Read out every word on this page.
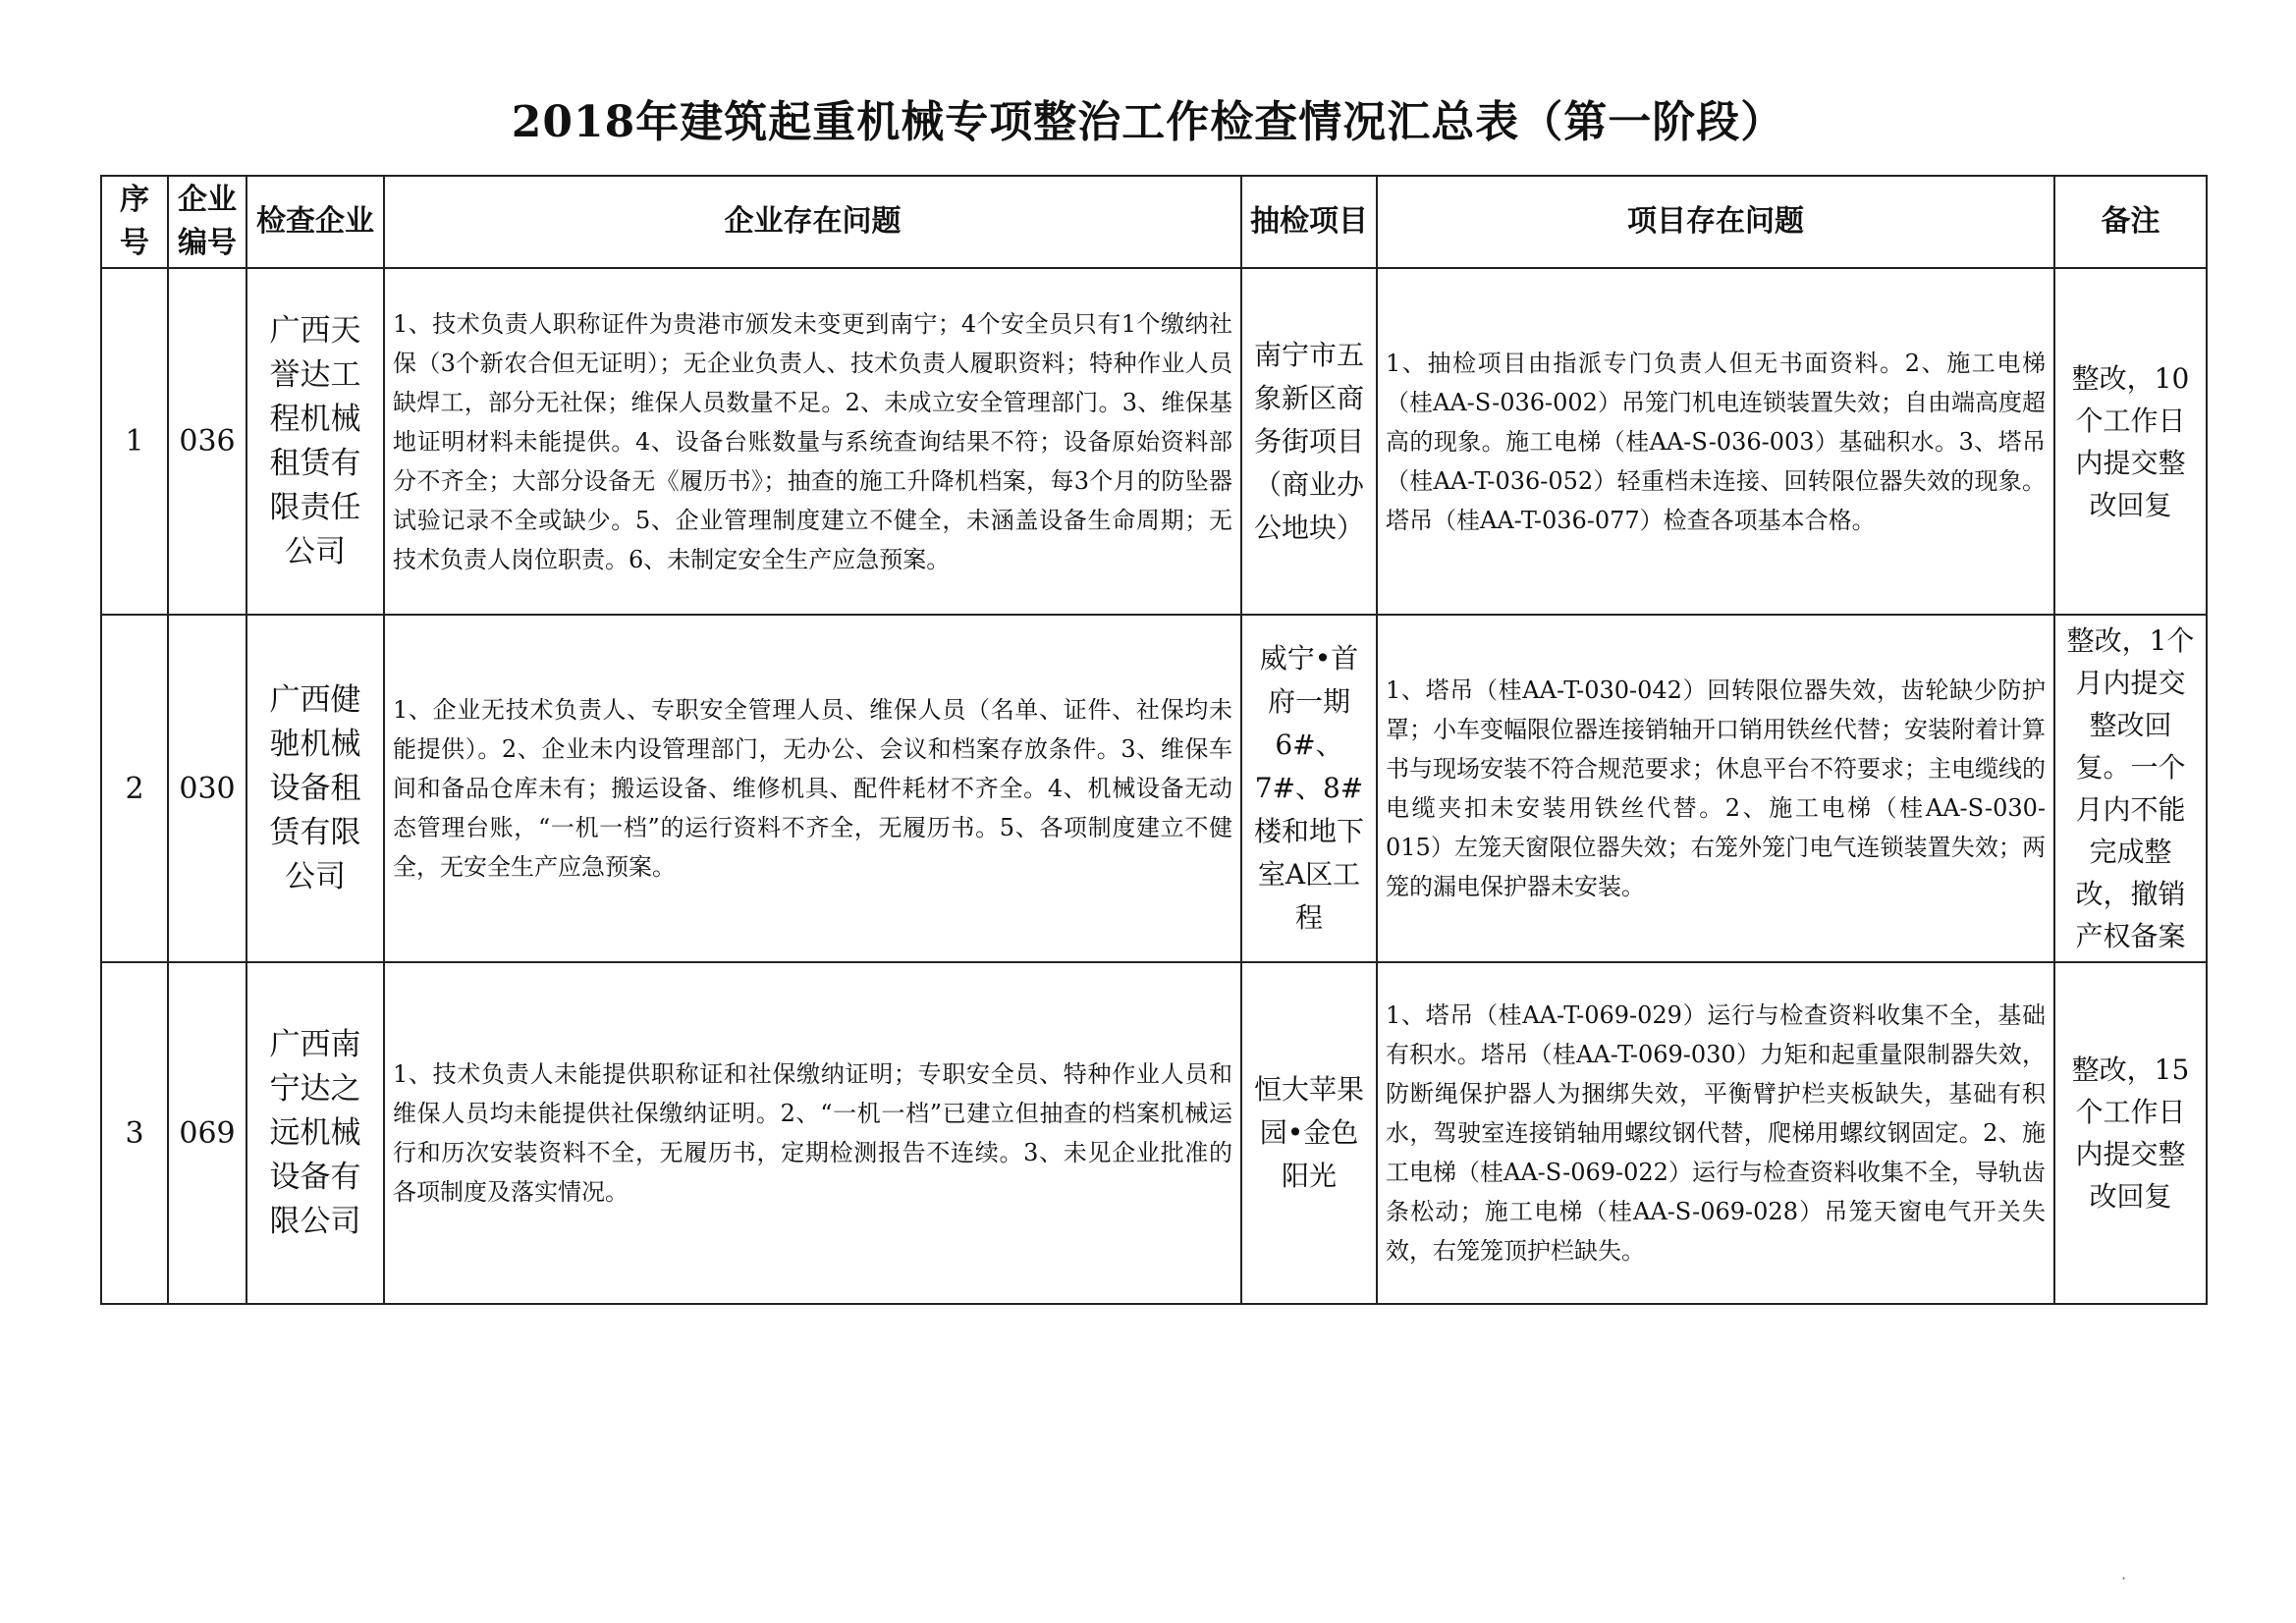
2018年建筑起重机械专项整治工作检查情况汇总表（第一阶段）
序号	企业编号	检查企业	企业存在问题	抽检项目	项目存在问题	备注
1	036	广西天誉达工程机械租赁有限责任公司	1、技术负责人职称证件为贵港市颁发未变更到南宁；4个安全员只有1个缴纳社保（3个新农合但无证明）；无企业负责人、技术负责人履职资料；特种作业人员缺焊工，部分无社保；维保人员数量不足。2、未成立安全管理部门。3、维保基地证明材料未能提供。4、设备台账数量与系统查询结果不符；设备原始资料部分不齐全；大部分设备无《履历书》；抽查的施工升降机档案，每3个月的防坠器试验记录不全或缺少。5、企业管理制度建立不健全，未涵盖设备生命周期；无技术负责人岗位职责。6、未制定安全生产应急预案。	南宁市五象新区商务街项目（商业办公地块）	1、抽检项目由指派专门负责人但无书面资料。2、施工电梯（桂AA-S-036-002）吊笼门机电连锁装置失效；自由端高度超高的现象。施工电梯（桂AA-S-036-003）基础积水。3、塔吊（桂AA-T-036-052）轻重档未连接、回转限位器失效的现象。塔吊（桂AA-T-036-077）检查各项基本合格。	整改，10个工作日内提交整改回复
2	030	广西健驰机械设备租赁有限公司	1、企业无技术负责人、专职安全管理人员、维保人员（名单、证件、社保均未能提供）。2、企业未内设管理部门，无办公、会议和档案存放条件。3、维保车间和备品仓库未有；搬运设备、维修机具、配件耗材不齐全。4、机械设备无动态管理台账，“一机一档”的运行资料不齐全，无履历书。5、各项制度建立不健全，无安全生产应急预案。	威宁•首府一期6#、7#、8#楼和地下室A区工程	1、塔吊（桂AA-T-030-042）回转限位器失效，齿轮缺少防护罩；小车变幅限位器连接销轴开口销用铁丝代替；安装附着计算书与现场安装不符合规范要求；休息平台不符要求；主电缆线的电缆夹扣未安装用铁丝代替。2、施工电梯（桂AA-S-030-015）左笼天窗限位器失效；右笼外笼门电气连锁装置失效；两笼的漏电保护器未安装。	整改，1个月内提交整改回复。一个月内不能完成整改，撤销产权备案
3	069	广西南宁达之远机械设备有限公司	1、技术负责人未能提供职称证和社保缴纳证明；专职安全员、特种作业人员和维保人员均未能提供社保缴纳证明。2、“一机一档”已建立但抽查的档案机械运行和历次安装资料不全，无履历书，定期检测报告不连续。3、未见企业批准的各项制度及落实情况。	恒大苹果园•金色阳光	1、塔吊（桂AA-T-069-029）运行与检查资料收集不全，基础有积水。塔吊（桂AA-T-069-030）力矩和起重量限制器失效，防断绳保护器人为捆绑失效，平衡臂护栏夹板缺失，基础有积水，驾驶室连接销轴用螺纹钢代替，爬梯用螺纹钢固定。2、施工电梯（桂AA-S-069-022）运行与检查资料收集不全，导轨齿条松动；施工电梯（桂AA-S-069-028）吊笼天窗电气开关失效，右笼笼顶护栏缺失。	整改，15个工作日内提交整改回复
·
